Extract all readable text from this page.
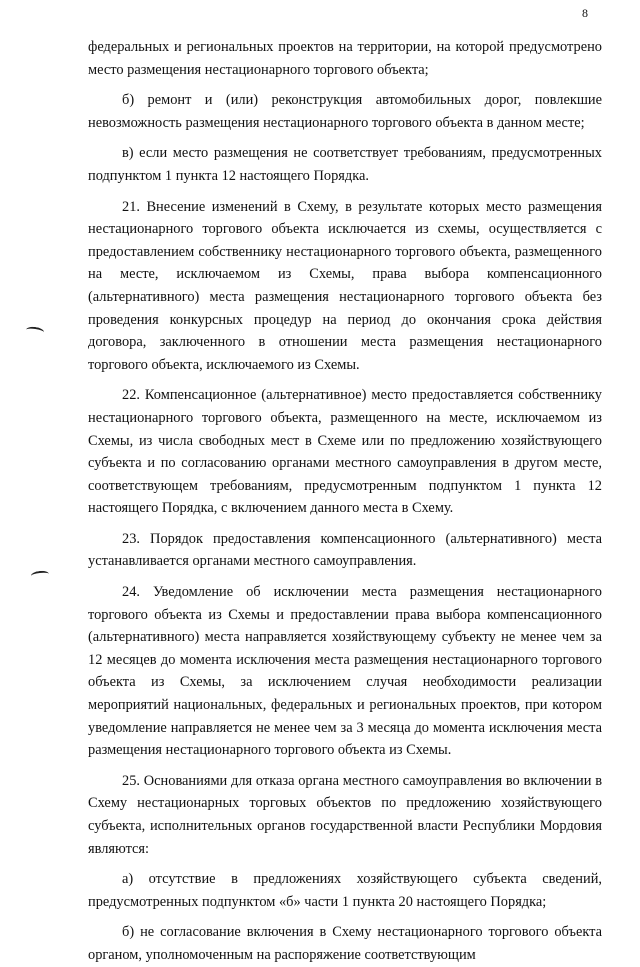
8

федеральных и региональных проектов на территории, на которой предусмотрено место размещения нестационарного торгового объекта;

б) ремонт и (или) реконструкция автомобильных дорог, повлекшие невозможность размещения нестационарного торгового объекта в данном месте;

в) если место размещения не соответствует требованиям, предусмотренных подпунктом 1 пункта 12 настоящего Порядка.

21. Внесение изменений в Схему, в результате которых место размещения нестационарного торгового объекта исключается из схемы, осуществляется с предоставлением собственнику нестационарного торгового объекта, размещенного на месте, исключаемом из Схемы, права выбора компенсационного (альтернативного) места размещения нестационарного торгового объекта без проведения конкурсных процедур на период до окончания срока действия договора, заключенного в отношении места размещения нестационарного торгового объекта, исключаемого из Схемы.

22. Компенсационное (альтернативное) место предоставляется собственнику нестационарного торгового объекта, размещенного на месте, исключаемом из Схемы, из числа свободных мест в Схеме или по предложению хозяйствующего субъекта и по согласованию органами местного самоуправления в другом месте, соответствующем требованиям, предусмотренным подпунктом 1 пункта 12 настоящего Порядка, с включением данного места в Схему.

23. Порядок предоставления компенсационного (альтернативного) места устанавливается органами местного самоуправления.

24. Уведомление об исключении места размещения нестационарного торгового объекта из Схемы и предоставлении права выбора компенсационного (альтернативного) места направляется хозяйствующему субъекту не менее чем за 12 месяцев до момента исключения места размещения нестационарного торгового объекта из Схемы, за исключением случая необходимости реализации мероприятий национальных, федеральных и региональных проектов, при котором уведомление направляется не менее чем за 3 месяца до момента исключения места размещения нестационарного торгового объекта из Схемы.

25. Основаниями для отказа органа местного самоуправления во включении в Схему нестационарных торговых объектов по предложению хозяйствующего субъекта, исполнительных органов государственной власти Республики Мордовия являются:

а) отсутствие в предложениях хозяйствующего субъекта сведений, предусмотренных подпунктом «б» части 1 пункта 20 настоящего Порядка;

б) не согласование включения в Схему нестационарного торгового объекта органом, уполномоченным на распоряжение соответствующим
